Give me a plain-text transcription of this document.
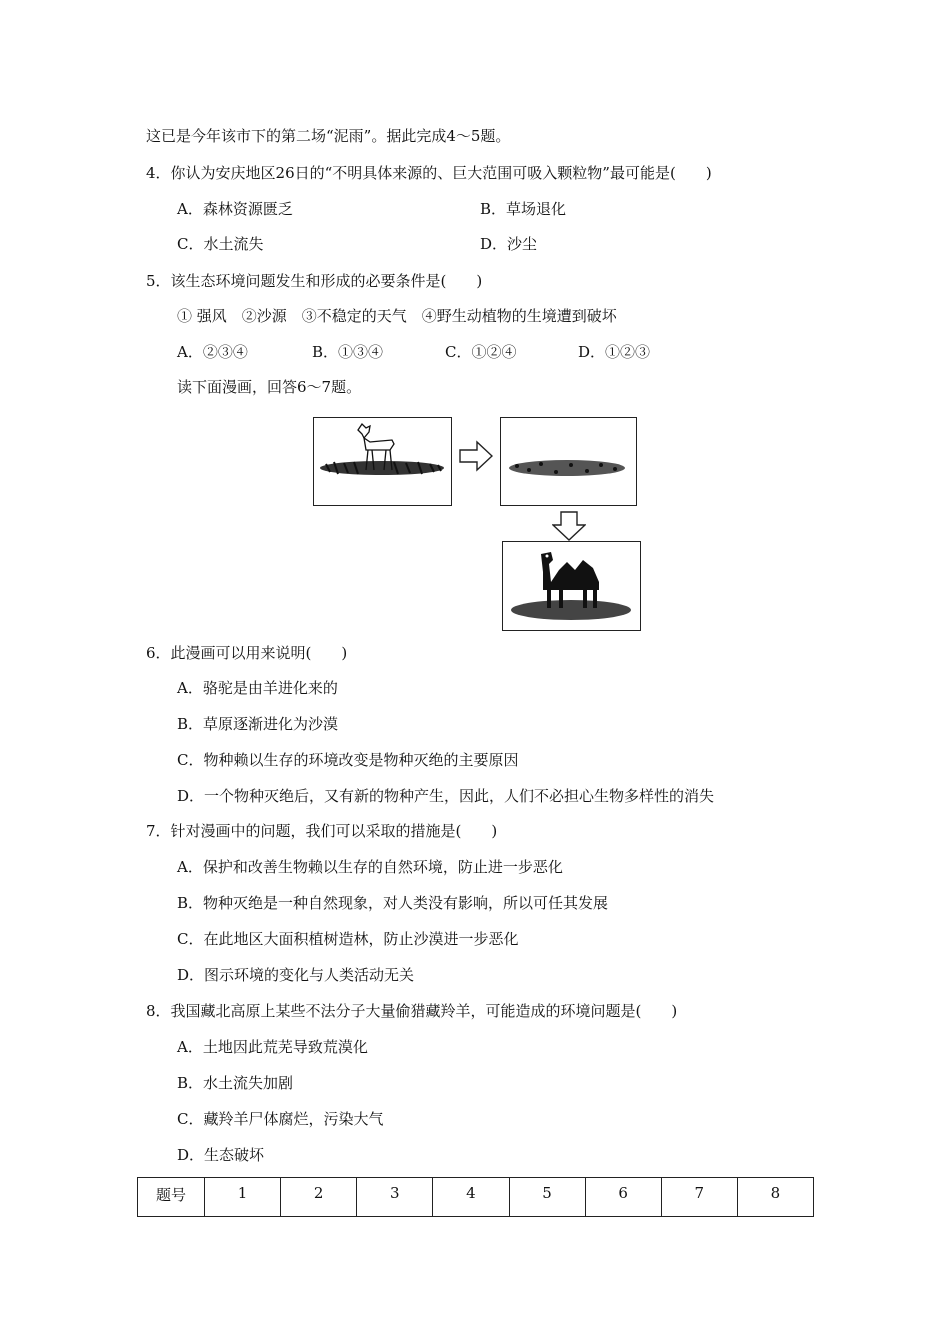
这已是今年该市下的第二场“泥雨”。据此完成4～5题。
4．你认为安庆地区26日的“不明具体来源的、巨大范围可吸入颗粒物”最可能是(　　)
A．森林资源匮乏	B．草场退化
C．水土流失	D．沙尘
5．该生态环境问题发生和形成的必要条件是(　　)
① 强风　②沙源　③不稳定的天气　④野生动植物的生境遭到破坏
A．②③④	B．①③④	C．①②④	D．①②③
读下面漫画，回答6～7题。
6．此漫画可以用来说明(　　)
A．骆驼是由羊进化来的
B．草原逐渐进化为沙漠
C．物种赖以生存的环境改变是物种灭绝的主要原因
D．一个物种灭绝后，又有新的物种产生，因此，人们不必担心生物多样性的消失
7．针对漫画中的问题，我们可以采取的措施是(　　)
A．保护和改善生物赖以生存的自然环境，防止进一步恶化
B．物种灭绝是一种自然现象，对人类没有影响，所以可任其发展
C．在此地区大面积植树造林，防止沙漠进一步恶化
D．图示环境的变化与人类活动无关
8．我国藏北高原上某些不法分子大量偷猎藏羚羊，可能造成的环境问题是(　　)
A．土地因此荒芜导致荒漠化
B．水土流失加剧
C．藏羚羊尸体腐烂，污染大气
D．生态破坏
题号	1	2	3	4	5	6	7	8
